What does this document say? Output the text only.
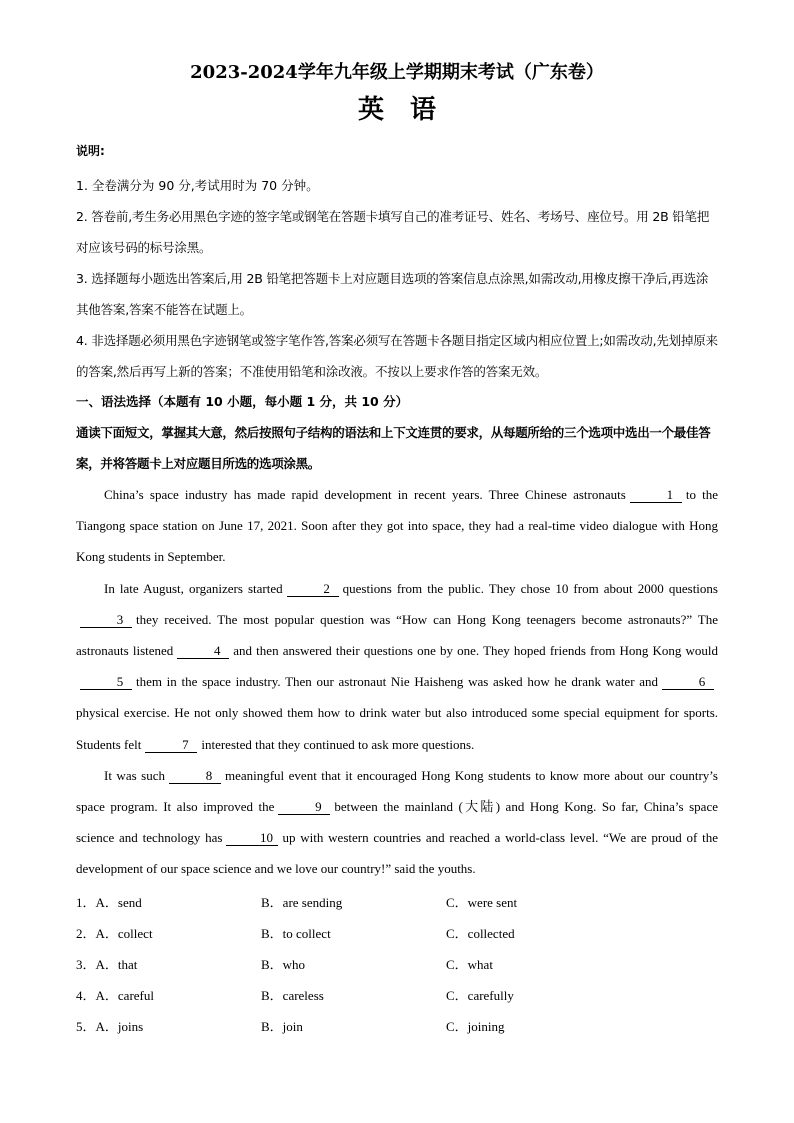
2023-2024学年九年级上学期期末考试（广东卷）
英语
说明:

1. 全卷满分为 90 分,考试用时为 70 分钟。

2. 答卷前,考生务必用黑色字迹的签字笔或钢笔在答题卡填写自己的准考证号、姓名、考场号、座位号。用 2B 铅笔把对应该号码的标号涂黑。

3. 选择题每小题选出答案后,用 2B 铅笔把答题卡上对应题目选项的答案信息点涂黑,如需改动,用橡皮擦干净后,再选涂其他答案,答案不能答在试题上。

4. 非选择题必须用黑色字迹钢笔或签字笔作答,答案必须写在答题卡各题目指定区域内相应位置上;如需改动,先划掉原来的答案,然后再写上新的答案；不准使用铅笔和涂改液。不按以上要求作答的答案无效。

一、语法选择（本题有 10 小题，每小题 1 分，共 10 分）

通读下面短文，掌握其大意，然后按照句子结构的语法和上下文连贯的要求，从每题所给的三个选项中选出一个最佳答案，并将答题卡上对应题目所选的选项涂黑。

China’s space industry has made rapid development in recent years. Three Chinese astronauts	1 to the Tiangong space station on June 17, 2021. Soon after they got into space, they had a real-time video dialogue with Hong Kong students in September.

In late August, organizers started	2 questions from the public. They chose 10 from about 2000 questions3 they received. The most popular question was “How can Hong Kong teenagers become astronauts?” The astronauts listened	4 and then answered their questions one by one. They hoped friends from Hong Kong would5 them in the space industry. Then our astronaut Nie Haisheng was asked how he drank water and	6physical exercise. He not only showed them how to drink water but also introduced some special equipment for sports. Students felt	7 interested that they continued to ask more questions.

It was such	8 meaningful event that it encouraged Hong Kong students to know more about our country’s space program. It also improved the	9 between the mainland (大陆) and Hong Kong. So far, China’s space science and technology has	10 up with western countries and reached a world-class level. “We are proud of the development of our space science and we love our country!” said the youths.

1．A．send	B．are sending	C．were sent
2．A．collect	B．to collect	C．collected
3．A．that	B．who	C．what
4．A．careful	B．careless	C．carefully
5．A．joins	B．join	C．joining
